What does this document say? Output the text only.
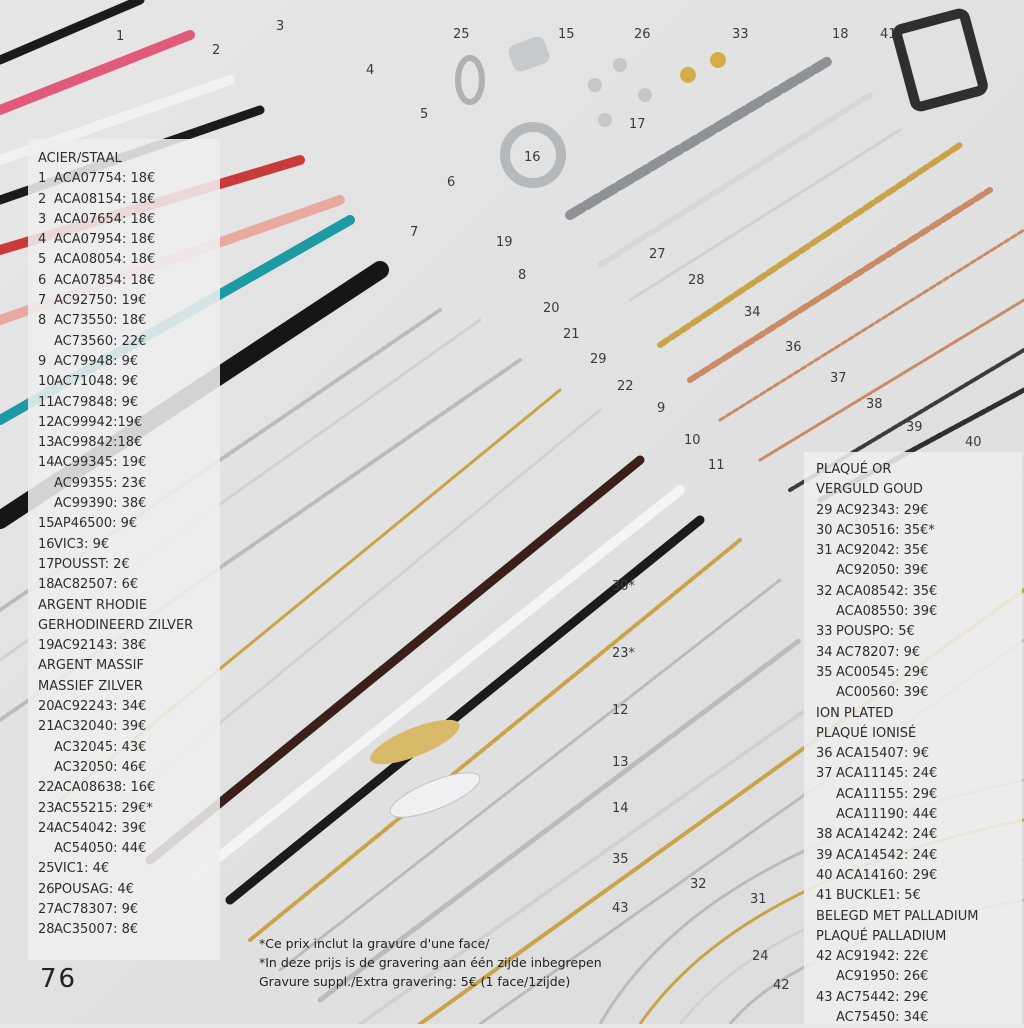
1
2
3
4
5
6
7
8
9
10
11
12
13
14
15
16
17
18
19
20
21
22
23*
24
25	26
27
28
29
30*
31
32
33
34
35
36
37
38
39
40
41
42
43
ACIER/STAAL
1 ACA07754: 18€
2 ACA08154: 18€
3 ACA07654: 18€
4 ACA07954: 18€
5 ACA08054: 18€
6 ACA07854: 18€
7 AC92750: 19€
8 AC73550: 18€
AC73560: 22€
9 AC79948: 9€
10AC71048: 9€
11AC79848: 9€
12AC99942:19€
13AC99842:18€
14AC99345: 19€
AC99355: 23€
AC99390: 38€
15AP46500: 9€
16VIC3: 9€
17POUSST: 2€
18AC82507: 6€
ARGENT RHODIE
GERHODINEERD ZILVER
19AC92143: 38€
ARGENT MASSIF
MASSIEF ZILVER
20AC92243: 34€
21AC32040: 39€
AC32045: 43€
AC32050: 46€
22ACA08638: 16€
23AC55215: 29€*
24AC54042: 39€
AC54050: 44€
25VIC1: 4€
26POUSAG: 4€
27AC78307: 9€
28AC35007: 8€
PLAQUÉ OR
VERGULD GOUD
29 AC92343: 29€
30 AC30516: 35€*
31 AC92042: 35€
AC92050: 39€
32 ACA08542: 35€
ACA08550: 39€
33 POUSPO: 5€
34 AC78207: 9€
35 AC00545: 29€
AC00560: 39€
ION PLATED
PLAQUÉ IONISÉ
36 ACA15407: 9€
37 ACA11145: 24€
ACA11155: 29€
ACA11190: 44€
38 ACA14242: 24€
39 ACA14542: 24€
40 ACA14160: 29€
41 BUCKLE1: 5€
BELEGD MET PALLADIUM
PLAQUÉ PALLADIUM
42 AC91942: 22€
AC91950: 26€
43 AC75442: 29€
AC75450: 34€
76
*Ce prix inclut la gravure d'une face/
*In deze prijs is de gravering aan één zijde inbegrepen
Gravure suppl./Extra gravering: 5€ (1 face/1zijde)
